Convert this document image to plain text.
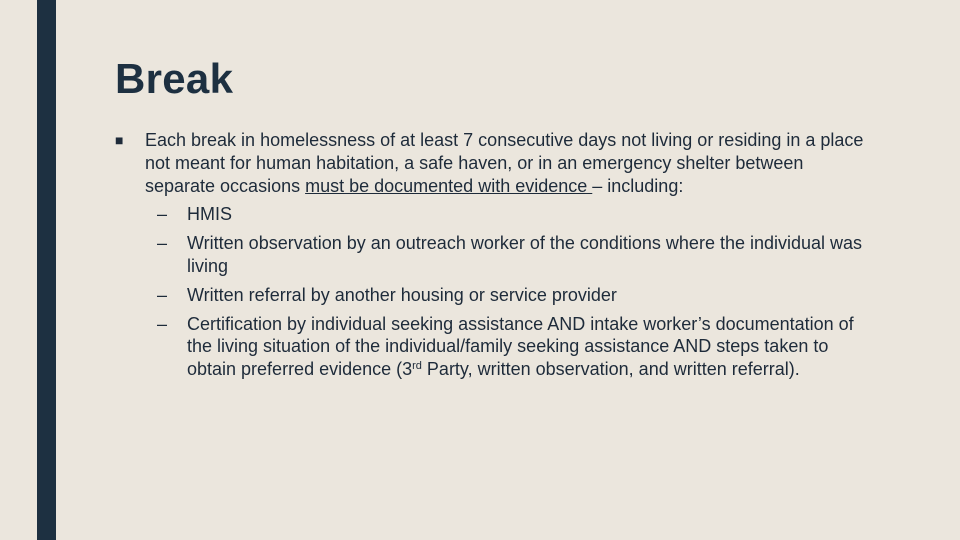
Break
■ Each break in homelessness of at least 7 consecutive days not living or residing in a place not meant for human habitation, a safe haven, or in an emergency shelter between separate occasions must be documented with evidence – including:
– HMIS
– Written observation by an outreach worker of the conditions where the individual was living
– Written referral by another housing or service provider
– Certification by individual seeking assistance AND intake worker’s documentation of the living situation of the individual/family seeking assistance AND steps taken to obtain preferred evidence (3rd Party, written observation, and written referral).
